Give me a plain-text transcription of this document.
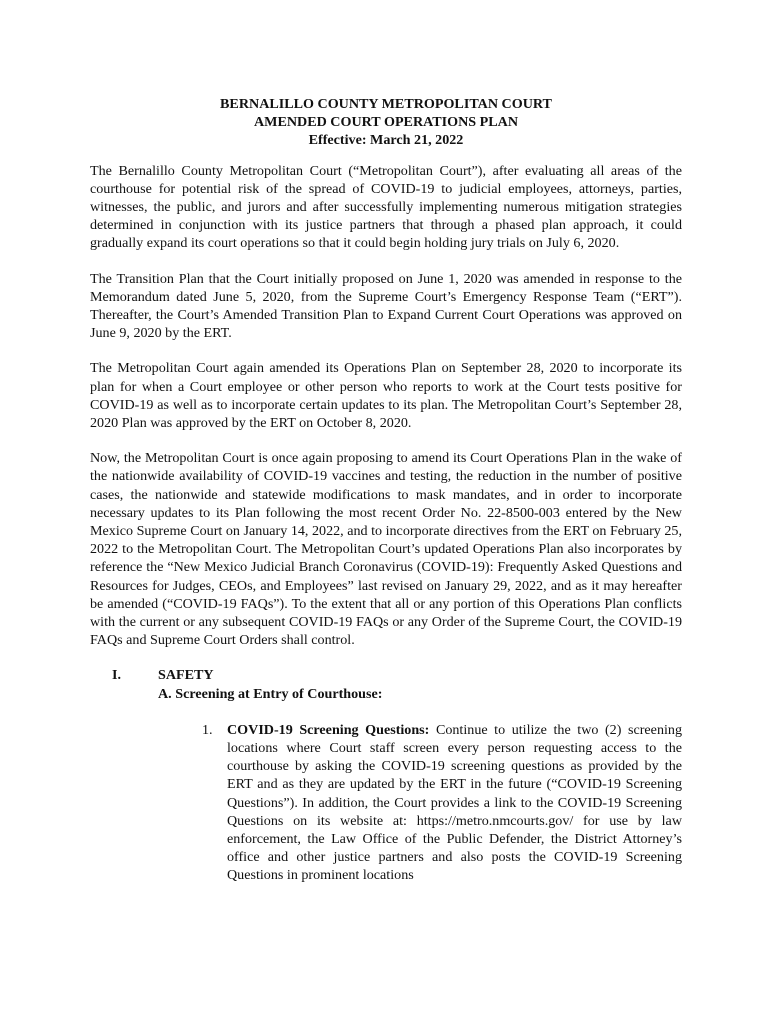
BERNALILLO COUNTY METROPOLITAN COURT
AMENDED COURT OPERATIONS PLAN
Effective: March 21, 2022

The Bernalillo County Metropolitan Court (“Metropolitan Court”), after evaluating all areas of the courthouse for potential risk of the spread of COVID-19 to judicial employees, attorneys, parties, witnesses, the public, and jurors and after successfully implementing numerous mitigation strategies determined in conjunction with its justice partners that through a phased plan approach, it could gradually expand its court operations so that it could begin holding jury trials on July 6, 2020.

The Transition Plan that the Court initially proposed on June 1, 2020 was amended in response to the Memorandum dated June 5, 2020, from the Supreme Court’s Emergency Response Team (“ERT”). Thereafter, the Court’s Amended Transition Plan to Expand Current Court Operations was approved on June 9, 2020 by the ERT.

The Metropolitan Court again amended its Operations Plan on September 28, 2020 to incorporate its plan for when a Court employee or other person who reports to work at the Court tests positive for COVID-19 as well as to incorporate certain updates to its plan. The Metropolitan Court’s September 28, 2020 Plan was approved by the ERT on October 8, 2020.

Now, the Metropolitan Court is once again proposing to amend its Court Operations Plan in the wake of the nationwide availability of COVID-19 vaccines and testing, the reduction in the number of positive cases, the nationwide and statewide modifications to mask mandates, and in order to incorporate necessary updates to its Plan following the most recent Order No. 22-8500-003 entered by the New Mexico Supreme Court on January 14, 2022, and to incorporate directives from the ERT on February 25, 2022 to the Metropolitan Court. The Metropolitan Court’s updated Operations Plan also incorporates by reference the “New Mexico Judicial Branch Coronavirus (COVID-19): Frequently Asked Questions and Resources for Judges, CEOs, and Employees” last revised on January 29, 2022, and as it may hereafter be amended (“COVID-19 FAQs”). To the extent that all or any portion of this Operations Plan conflicts with the current or any subsequent COVID-19 FAQs or any Order of the Supreme Court, the COVID-19 FAQs and Supreme Court Orders shall control.

I.	SAFETY
A. Screening at Entry of Courthouse:
1. COVID-19 Screening Questions: Continue to utilize the two (2) screening locations where Court staff screen every person requesting access to the courthouse by asking the COVID-19 screening questions as provided by the ERT and as they are updated by the ERT in the future (“COVID-19 Screening Questions”). In addition, the Court provides a link to the COVID-19 Screening Questions on its website at: https://metro.nmcourts.gov/ for use by law enforcement, the Law Office of the Public Defender, the District Attorney’s office and other justice partners and also posts the COVID-19 Screening Questions in prominent locations
